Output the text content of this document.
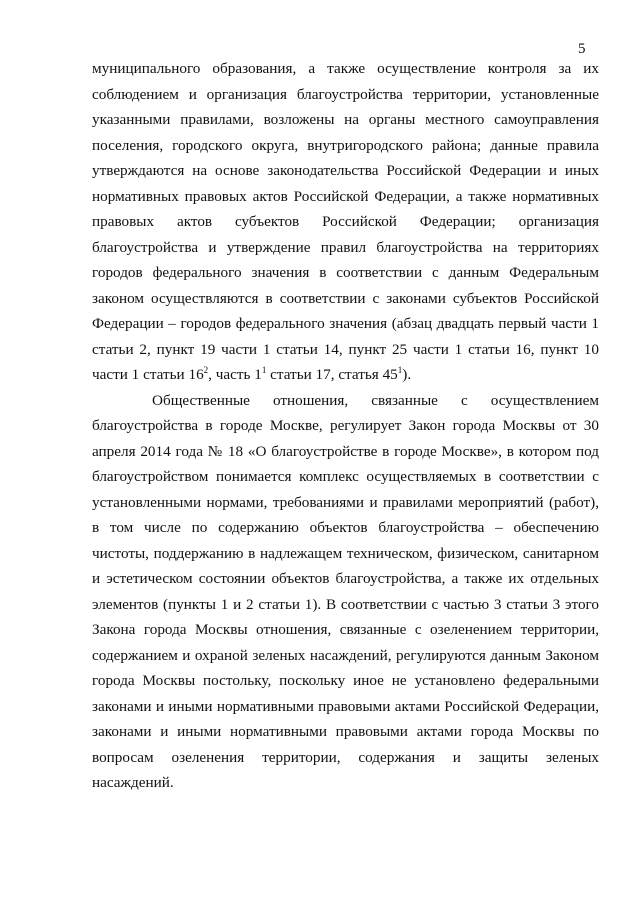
5
муниципального образования, а также осуществление контроля за их
соблюдением и организация благоустройства территории, установленные
указанными правилами, возложены на органы местного самоуправления
поселения, городского округа, внутригородского района; данные правила
утверждаются на основе законодательства Российской Федерации и иных
нормативных правовых актов Российской Федерации, а также нормативных
правовых актов субъектов Российской Федерации; организация
благоустройства и утверждение правил благоустройства на территориях
городов федерального значения в соответствии с данным Федеральным
законом осуществляются в соответствии с законами субъектов Российской
Федерации – городов федерального значения (абзац двадцать первый части 1
статьи 2, пункт 19 части 1 статьи 14, пункт 25 части 1 статьи 16, пункт 10
части 1 статьи $16^2$, часть $1^1$ статьи 17, статья $45^1$).
Общественные отношения, связанные с осуществлением
благоустройства в городе Москве, регулирует Закон города Москвы от 30
апреля 2014 года № 18 «О благоустройстве в городе Москве», в котором под
благоустройством понимается комплекс осуществляемых в соответствии с
установленными нормами, требованиями и правилами мероприятий (работ),
в том числе по содержанию объектов благоустройства – обеспечению
чистоты, поддержанию в надлежащем техническом, физическом, санитарном
и эстетическом состоянии объектов благоустройства, а также их отдельных
элементов (пункты 1 и 2 статьи 1). В соответствии с частью 3 статьи 3 этого
Закона города Москвы отношения, связанные с озеленением территории,
содержанием и охраной зеленых насаждений, регулируются данным Законом
города Москвы постольку, поскольку иное не установлено федеральными
законами и иными нормативными правовыми актами Российской Федерации,
законами и иными нормативными правовыми актами города Москвы по
вопросам озеленения территории, содержания и защиты зеленых
насаждений.
